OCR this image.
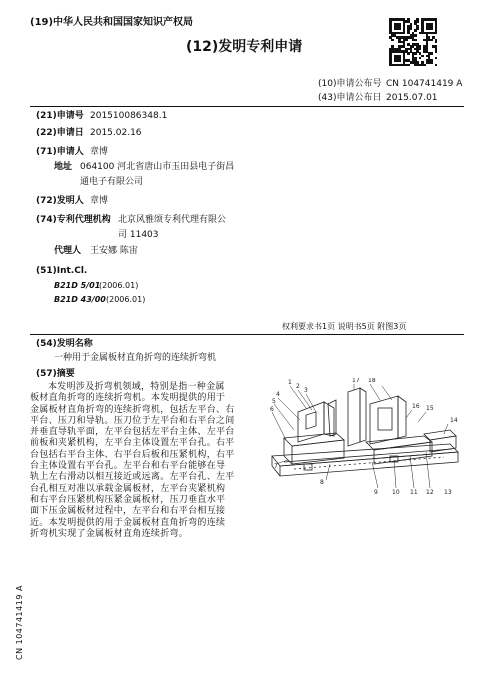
(19)中华人民共和国国家知识产权局
(12)发明专利申请
(10)申请公布号 CN 104741419 A
(43)申请公布日 2015.07.01
(21)申请号 201510086348.1
(22)申请日 2015.02.16
(71)申请人 章博
地址 064100 河北省唐山市玉田县电子街昌
通电子有限公司
(72)发明人 章博
(74)专利代理机构 北京风雅颂专利代理有限公
司 11403
代理人 王安娜 陈宙
(51)Int.Cl.
B21D 5/01
(2006.01)
B21D 43/00 (2006.01)
权利要求书1页 说明书5页 附图3页
(54)发明名称
一种用于金属板材直角折弯的连续折弯机
(57)摘要
本发明涉及折弯机领域，特别是指一种金属
板材直角折弯的连续折弯机。本发明提供的用于
金属板材直角折弯的连续折弯机，包括左平台、右
平台、压刀和导轨。压刀位于左平台和右平台之间
并垂直导轨平面，左平台包括左平台主体、左平台
前板和夹紧机构，左平台主体设置左平台孔。右平
台包括右平台主体、右平台后板和压紧机构，右平
台主体设置右平台孔。左平台和右平台能够在导
轨上左右滑动以相互接近或远离。左平台孔、左平
台孔相互对准以承载金属板材，左平台夹紧机构
和右平台压紧机构压紧金属板材，压刀垂直水平
面下压金属板材过程中，左平台和右平台相互接
近。本发明提供的用于金属板材直角折弯的连续
折弯机实现了金属板材直角连续折弯。
1
2
3
4
5
6
7
8
9 10 11 12 13
14
15
16
17 18
CN 104741419 A
